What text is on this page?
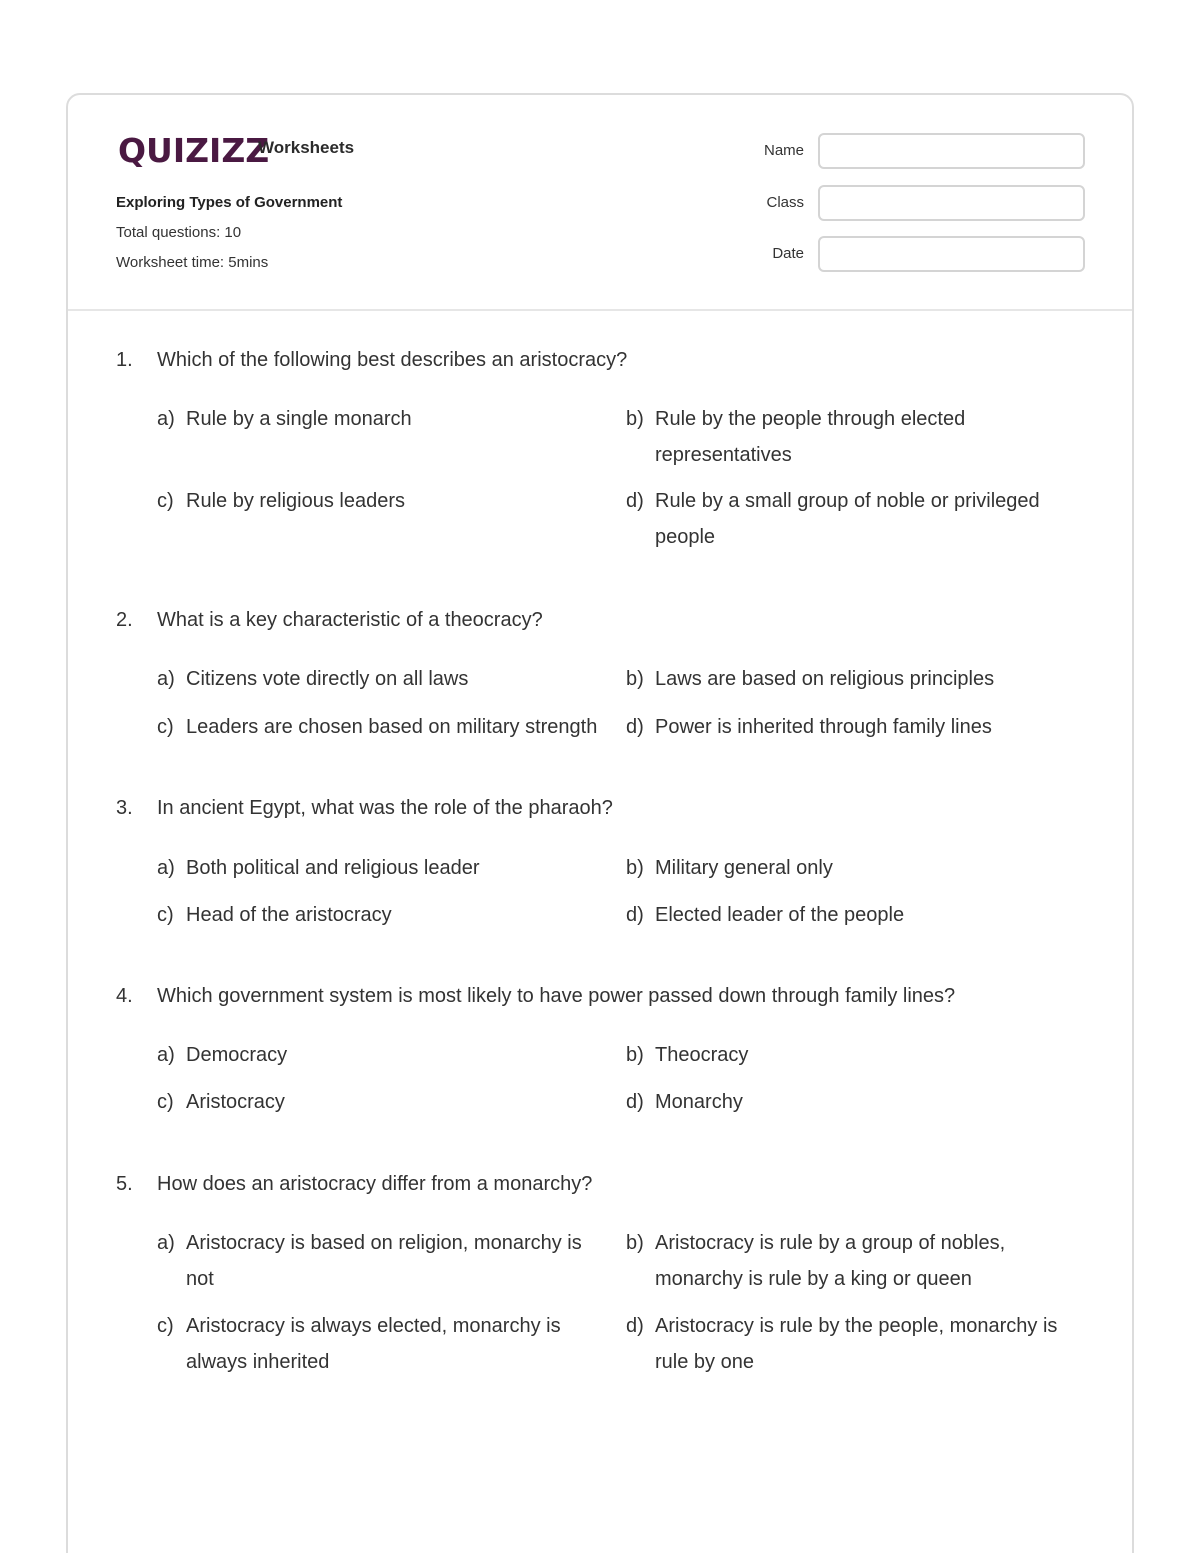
QUIZIZZ
Worksheets
Exploring Types of Government
Total questions: 10
Worksheet time: 5mins
Name
Class
Date
1. Which of the following best describes an aristocracy?
a) Rule by a single monarch	b) Rule by the people through elected representatives
c) Rule by religious leaders	d) Rule by a small group of noble or privileged people
2. What is a key characteristic of a theocracy?
a) Citizens vote directly on all laws	b) Laws are based on religious principles
c) Leaders are chosen based on military strength	d) Power is inherited through family lines
3. In ancient Egypt, what was the role of the pharaoh?
a) Both political and religious leader	b) Military general only
c) Head of the aristocracy	d) Elected leader of the people
4. Which government system is most likely to have power passed down through family lines?
a) Democracy	b) Theocracy
c) Aristocracy	d) Monarchy
5. How does an aristocracy differ from a monarchy?
a) Aristocracy is based on religion, monarchy is not
b) Aristocracy is rule by a group of nobles, monarchy is rule by a king or queen
c) Aristocracy is always elected, monarchy is always inherited
d) Aristocracy is rule by the people, monarchy is rule by one
